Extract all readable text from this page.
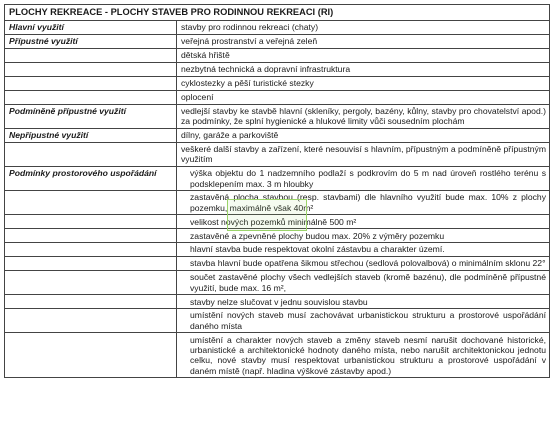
PLOCHY REKREACE - PLOCHY STAVEB PRO RODINNOU REKREACI (RI)	
Hlavní využití	stavby pro rodinnou rekreaci (chaty)
Přípustné využití	veřejná prostranství a veřejná zeleň
	dětská hřiště
	nezbytná technická a dopravní infrastruktura
	cyklostezky a pěší turistické stezky
	oplocení
Podmíněně přípustné využití	vedlejší stavby ke stavbě hlavní (skleníky, pergoly, bazény, kůlny, stavby pro chovatelství apod.) za podmínky, že splní hygienické a hlukové limity vůči sousedním plochám
Nepřípustné využití	dílny, garáže a parkoviště
	veškeré další stavby a zařízení, které nesouvisí s hlavním, přípustným a podmíněně přípustným využitím
Podmínky prostorového uspořádání	výška objektu do 1 nadzemního podlaží s podkrovím do 5 m nad úroveň rostlého terénu s podsklepením max. 3 m hloubky
	zastavěná plocha stavbou (resp. stavbami) dle hlavního využití bude max. 10% z plochy pozemku, maximálně však 40m²
	velikost nových pozemků minimálně 500 m²
	zastavěné a zpevněné plochy budou max. 20% z výměry pozemku
	hlavní stavba bude respektovat okolní zástavbu a charakter území.
	stavba hlavní bude opatřena šikmou střechou (sedlová polovalbová) o minimálním sklonu 22°
	součet zastavěné plochy všech vedlejších staveb (kromě bazénu), dle podmíněně přípustné využití, bude max. 16 m²,
	stavby nelze slučovat v jednu souvislou stavbu
	umístění nových staveb musí zachovávat urbanistickou strukturu a prostorové uspořádání daného místa
	umístění a charakter nových staveb a změny staveb nesmí narušit dochované historické, urbanistické a architektonické hodnoty daného místa, nebo narušit architektonickou jednotu celku, nové stavby musí respektovat urbanistickou strukturu a prostorové uspořádání v daném místě (např. hladina výškové zástavby apod.)
